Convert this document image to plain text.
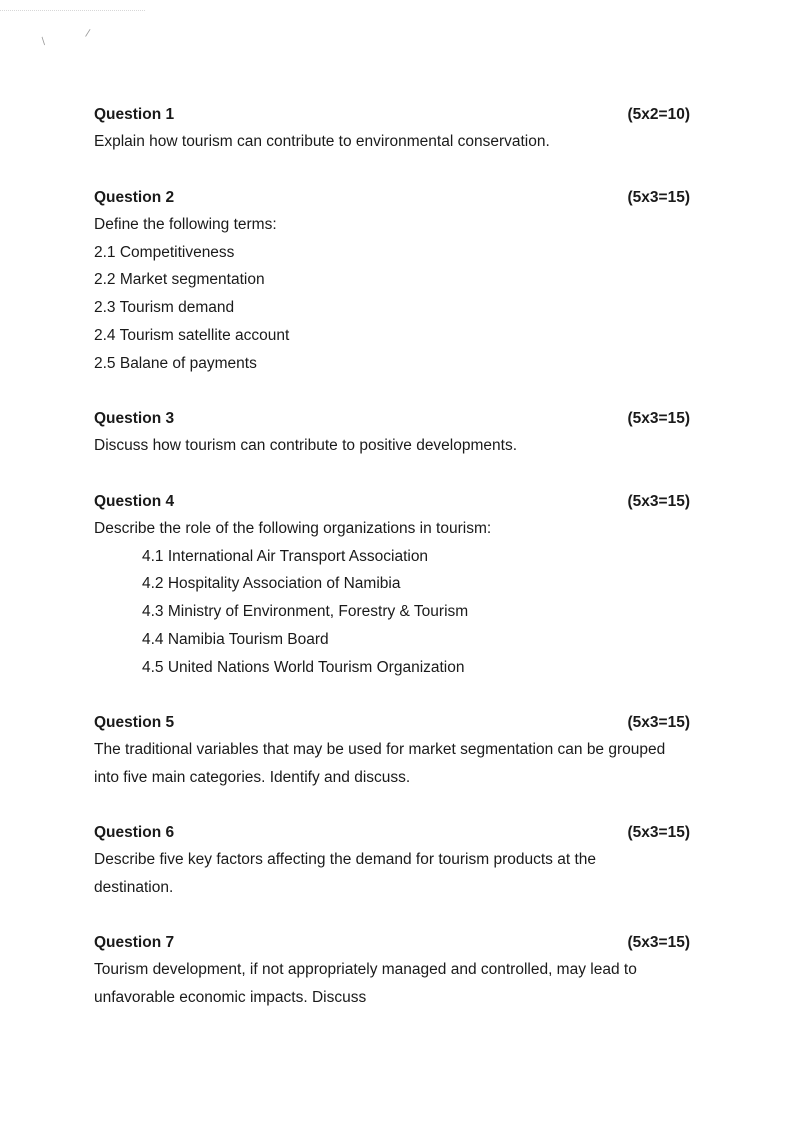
/
/
Question 1	(5x2=10)
Explain how tourism can contribute to environmental conservation.
Question 2	(5x3=15)
Define the following terms:
2.1 Competitiveness
2.2 Market segmentation
2.3 Tourism demand
2.4 Tourism satellite account
2.5 Balane of payments
Question 3	(5x3=15)
Discuss how tourism can contribute to positive developments.
Question 4	(5x3=15)
Describe the role of the following organizations in tourism:
4.1 International Air Transport Association
4.2 Hospitality Association of Namibia
4.3 Ministry of Environment, Forestry & Tourism
4.4 Namibia Tourism Board
4.5 United Nations World Tourism Organization
Question 5	(5x3=15)
The traditional variables that may be used for market segmentation can be grouped
into five main categories. Identify and discuss.
Question 6	(5x3=15)
Describe five key factors affecting the demand for tourism products at the
destination.
Question 7	(5x3=15)
Tourism development, if not appropriately managed and controlled, may lead to
unfavorable economic impacts. Discuss
